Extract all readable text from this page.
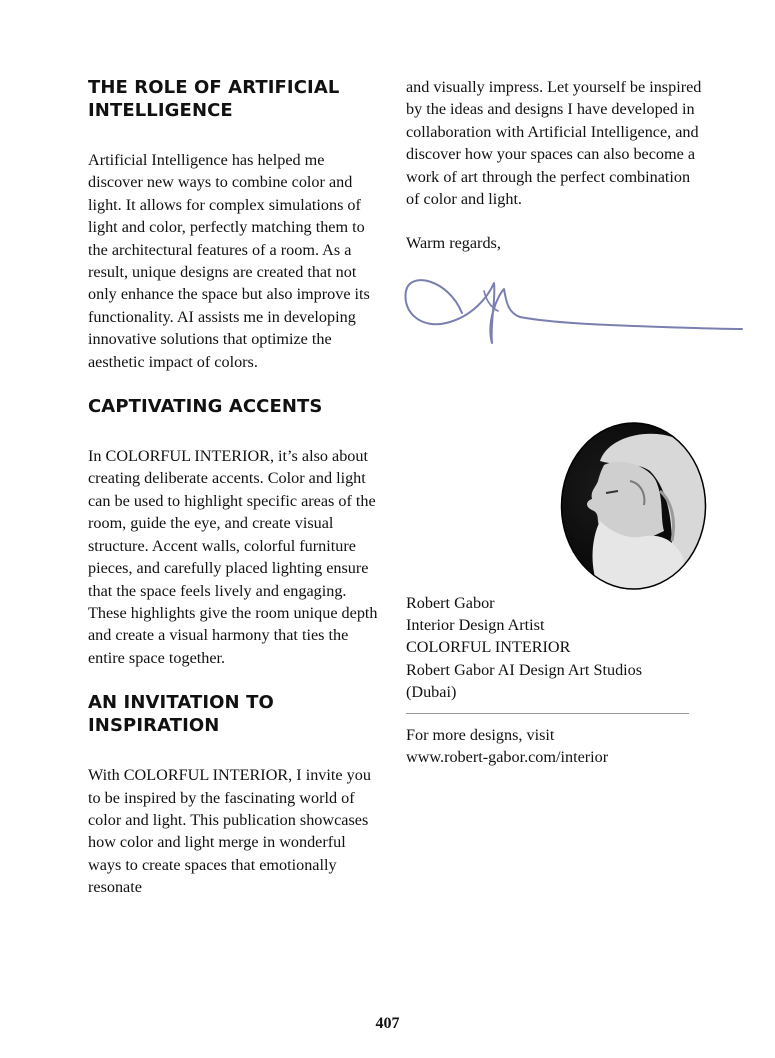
THE ROLE OF ARTIFICIAL INTELLIGENCE

Artificial Intelligence has helped me discover new ways to combine color and light. It allows for complex simulations of light and color, perfectly matching them to the architectural features of a room. As a result, unique designs are created that not only enhance the space but also improve its functionality. AI assists me in developing innovative solutions that optimize the aesthetic impact of colors.

CAPTIVATING ACCENTS

In COLORFUL INTERIOR, it’s also about creating deliberate accents. Color and light can be used to highlight specific areas of the room, guide the eye, and create visual structure. Accent walls, colorful furniture pieces, and carefully placed lighting ensure that the space feels lively and engaging. These highlights give the room unique depth and create a visual harmony that ties the entire space together.

AN INVITATION TO INSPIRATION

With COLORFUL INTERIOR, I invite you to be inspired by the fascinating world of color and light. This publication showcases how color and light merge in wonderful ways to create spaces that emotionally resonate

and visually impress. Let yourself be inspired by the ideas and designs I have developed in collaboration with Artificial Intelligence, and discover how your spaces can also become a work of art through the perfect combination of color and light.

Warm regards,

Robert Gabor

Interior Design Artist

COLORFUL INTERIOR

Robert Gabor AI Design Art Studios

(Dubai)

For more designs, visit

www.robert-gabor.com/interior

407
